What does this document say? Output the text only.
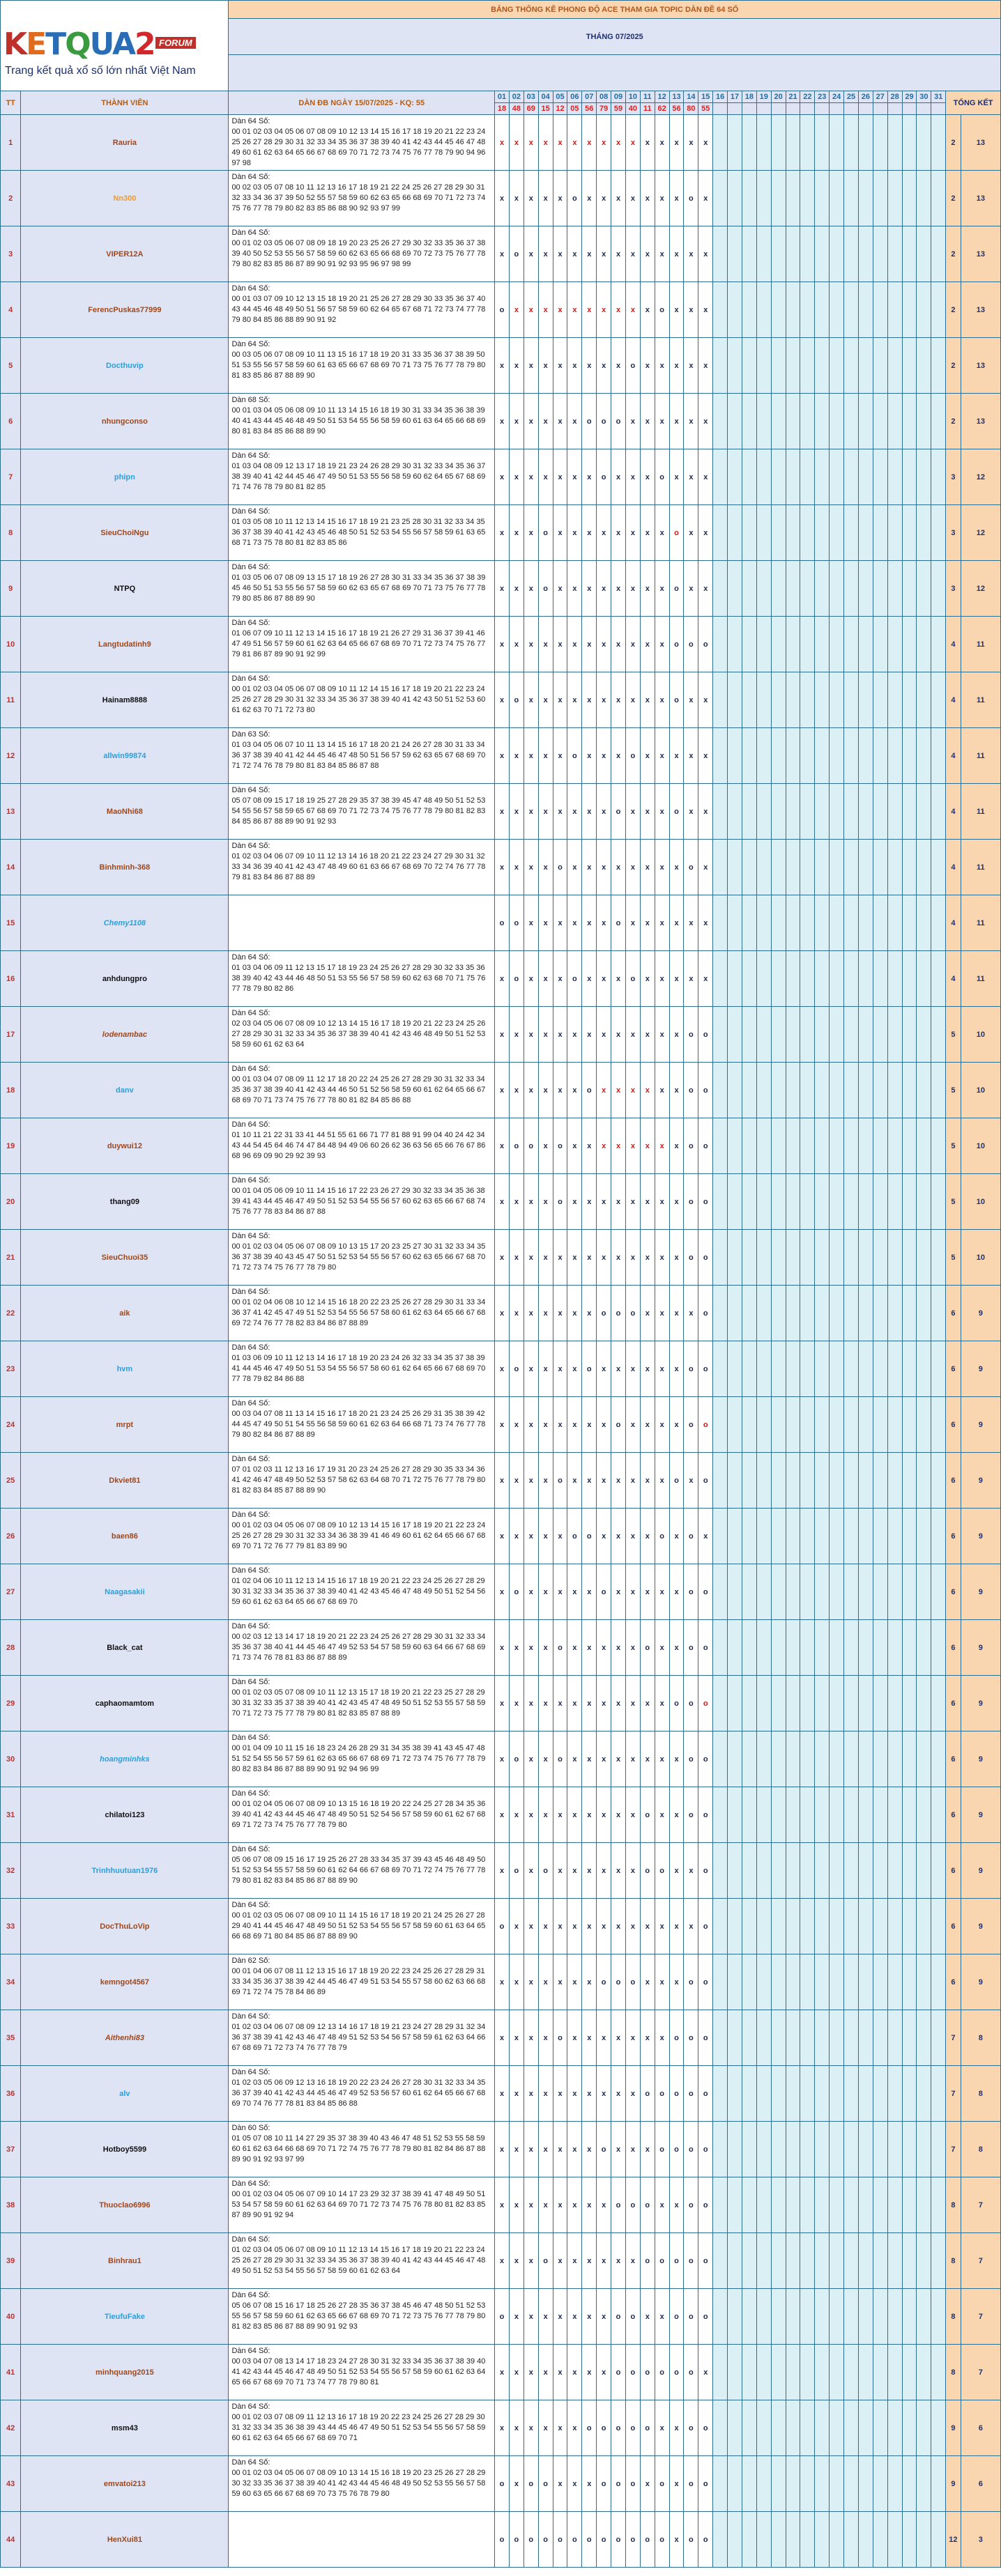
KETQUA2 FORUM
Trang kết quả xổ số lớn nhất Việt Nam		BẢNG THỐNG KÊ PHONG ĐỘ ACE THAM GIA TOPIC DÀN ĐỀ 64 SỐ																																	
		THÁNG 07/2025																																	

TT	THÀNH VIÊN	DÀN ĐB NGÀY 15/07/2025 - KQ: 55	01	02	03	04	05	06	07	08	09	10	11	12	13	14	15	16	17	18	19	20	21	22	23	24	25	26	27	28	29	30	31	TỔNG KẾT	
			18	48	69	15	12	05	56	79	59	40	11	62	56	80	55																		
1	Rauria	Dàn 64 Số:
00 01 02 03 04 05 06 07 08 09 10 12 13 14 15 16 17 18 19 20 21 22 23 24 25 26 27 28 29 30 31 32 33 34 35 36 37 38 39 40 41 42 43 44 45 46 47 48 49 60 61 62 63 64 65 66 67 68 69 70 71 72 73 74 75 76 77 78 79 90 94 96 97 98	x	x	x	x	x	x	x	x	x	x	x	x	x	x	x																	2	13
2	Nn300	Dàn 64 Số:
00 02 03 05 07 08 10 11 12 13 16 17 18 19 21 22 24 25 26 27 28 29 30 31 32 33 34 36 37 39 50 52 55 57 58 59 60 62 63 65 66 68 69 70 71 72 73 74 75 76 77 78 79 80 82 83 85 86 88 90 92 93 97 99	x	x	x	x	x	o	x	x	x	x	x	x	x	o	x																	2	13
3	VIPER12A	Dàn 64 Số:
00 01 02 03 05 06 07 08 09 18 19 20 23 25 26 27 29 30 32 33 35 36 37 38 39 40 50 52 53 55 56 57 58 59 60 62 63 65 66 68 69 70 72 73 75 76 77 78 79 80 82 83 85 86 87 89 90 91 92 93 95 96 97 98 99	x	o	x	x	x	x	x	x	x	x	x	x	x	x	x																	2	13
4	FerencPuskas77999	Dàn 64 Số:
00 01 03 07 09 10 12 13 15 18 19 20 21 25 26 27 28 29 30 33 35 36 37 40 43 44 45 46 48 49 50 51 56 57 58 59 60 62 64 65 67 68 71 72 73 74 77 78 79 80 84 85 86 88 89 90 91 92	o	x	x	x	x	x	x	x	x	x	x	o	x	x	x																	2	13
5	Docthuvip	Dàn 64 Số:
00 03 05 06 07 08 09 10 11 13 15 16 17 18 19 20 31 33 35 36 37 38 39 50 51 53 55 56 57 58 59 60 61 63 65 66 67 68 69 70 71 73 75 76 77 78 79 80 81 83 85 86 87 88 89 90	x	x	x	x	x	x	x	x	x	o	x	x	x	x	x																	2	13
6	nhungconso	Dàn 68 Số:
00 01 03 04 05 06 08 09 10 11 13 14 15 16 18 19 30 31 33 34 35 36 38 39 40 41 43 44 45 46 48 49 50 51 53 54 55 56 58 59 60 61 63 64 65 66 68 69 80 81 83 84 85 86 88 89 90	x	x	x	x	x	x	o	o	o	x	x	x	x	x	x																	2	13
7	phipn	Dàn 64 Số:
01 03 04 08 09 12 13 17 18 19 21 23 24 26 28 29 30 31 32 33 34 35 36 37 38 39 40 41 42 44 45 46 47 49 50 51 53 55 56 58 59 60 62 64 65 67 68 69 71 74 76 78 79 80 81 82 85	x	x	x	x	x	x	x	o	x	x	x	o	x	x	x																	3	12
8	SieuChoiNgu	Dàn 64 Số:
01 03 05 08 10 11 12 13 14 15 16 17 18 19 21 23 25 28 30 31 32 33 34 35 36 37 38 39 40 41 42 43 45 46 48 50 51 52 53 54 55 56 57 58 59 61 63 65 68 71 73 75 78 80 81 82 83 85 86	x	x	x	o	x	x	x	x	x	x	x	x	o	x	x																	3	12
9	NTPQ	Dàn 64 Số:
01 03 05 06 07 08 09 13 15 17 18 19 26 27 28 30 31 33 34 35 36 37 38 39 45 46 50 51 53 55 56 57 58 59 60 62 63 65 67 68 69 70 71 73 75 76 77 78 79 80 85 86 87 88 89 90	x	x	x	o	x	x	x	x	x	x	x	x	o	x	x																	3	12
10	Langtudatinh9	Dàn 64 Số:
01 06 07 09 10 11 12 13 14 15 16 17 18 19 21 26 27 29 31 36 37 39 41 46 47 49 51 56 57 59 60 61 62 63 64 65 66 67 68 69 70 71 72 73 74 75 76 77 79 81 86 87 89 90 91 92 99	x	x	x	x	x	x	x	x	x	x	x	x	o	o	o																	4	11
11	Hainam8888	Dàn 64 Số:
00 01 02 03 04 05 06 07 08 09 10 11 12 14 15 16 17 18 19 20 21 22 23 24 25 26 27 28 29 30 31 32 33 34 35 36 37 38 39 40 41 42 43 50 51 52 53 60 61 62 63 70 71 72 73 80	x	o	x	x	x	x	x	x	x	x	x	x	o	x	x																	4	11
12	allwin99874	Dàn 63 Số:
01 03 04 05 06 07 10 11 13 14 15 16 17 18 20 21 24 26 27 28 30 31 33 34 36 37 38 39 40 41 42 44 45 46 47 48 50 51 56 57 59 62 63 65 67 68 69 70 71 72 74 76 78 79 80 81 83 84 85 86 87 88	x	x	x	x	x	o	x	x	x	o	x	x	x	x	x																	4	11
13	MaoNhi68	Dàn 64 Số:
05 07 08 09 15 17 18 19 25 27 28 29 35 37 38 39 45 47 48 49 50 51 52 53 54 55 56 57 58 59 65 67 68 69 70 71 72 73 74 75 76 77 78 79 80 81 82 83 84 85 86 87 88 89 90 91 92 93	x	x	x	x	x	x	x	x	o	x	x	x	o	x	x																	4	11
14	Binhminh-368	Dàn 64 Số:
01 02 03 04 06 07 09 10 11 12 13 14 16 18 20 21 22 23 24 27 29 30 31 32 33 34 36 39 40 41 42 43 47 48 49 60 61 63 66 67 68 69 70 72 74 76 77 78 79 81 83 84 86 87 88 89	x	x	x	x	o	x	x	x	x	x	x	x	x	o	x																	4	11
15	Chemy1108		o	o	x	x	x	x	x	x	o	x	x	x	x	x	x																	4	11
16	anhdungpro	Dàn 64 Số:
01 03 04 06 09 11 12 13 15 17 18 19 23 24 25 26 27 28 29 30 32 33 35 36 38 39 40 42 43 44 46 48 50 51 53 55 56 57 58 59 60 62 63 68 70 71 75 76 77 78 79 80 82 86	x	o	x	x	x	o	x	x	x	o	x	x	x	x	x																	4	11
17	lodenambac	Dàn 64 Số:
02 03 04 05 06 07 08 09 10 12 13 14 15 16 17 18 19 20 21 22 23 24 25 26 27 28 29 30 31 32 33 34 35 36 37 38 39 40 41 42 43 46 48 49 50 51 52 53 58 59 60 61 62 63 64	x	x	x	x	x	x	x	x	x	x	x	x	x	o	o																	5	10
18	danv	Dàn 64 Số:
00 01 03 04 07 08 09 11 12 17 18 20 22 24 25 26 27 28 29 30 31 32 33 34 35 36 37 38 39 40 41 42 43 44 46 50 51 52 56 58 59 60 61 62 64 65 66 67 68 69 70 71 73 74 75 76 77 78 80 81 82 84 85 86 88	x	x	x	x	x	x	o	x	x	x	x	x	x	o	o																	5	10
19	duywui12	Dàn 64 Số:
01 10 11 21 22 31 33 41 44 51 55 61 66 71 77 81 88 91 99 04 40 24 42 34 43 44 54 45 64 46 74 47 84 48 94 49 06 60 26 62 36 63 56 65 66 76 67 86 68 96 69 09 90 29 92 39 93	x	o	o	x	o	x	x	x	x	x	x	x	x	o	o																	5	10
20	thang09	Dàn 64 Số:
00 01 04 05 06 09 10 11 14 15 16 17 22 23 26 27 29 30 32 33 34 35 36 38 39 41 43 44 45 46 47 49 50 51 52 53 54 55 56 57 60 62 63 65 66 67 68 74 75 76 77 78 83 84 86 87 88	x	x	x	x	o	x	x	x	x	x	x	x	x	o	o																	5	10
21	SieuChuoi35	Dàn 64 Số:
00 01 02 03 04 05 06 07 08 09 10 13 15 17 20 23 25 27 30 31 32 33 34 35 36 37 38 39 40 43 45 47 50 51 52 53 54 55 56 57 60 62 63 65 66 67 68 70 71 72 73 74 75 76 77 78 79 80	x	x	x	x	x	x	x	x	x	x	x	x	x	o	o																	5	10
22	aik	Dàn 64 Số:
00 01 02 04 06 08 10 12 14 15 16 18 20 22 23 25 26 27 28 29 30 31 33 34 36 37 41 42 45 47 49 51 52 53 54 55 56 57 58 60 61 62 63 64 65 66 67 68 69 72 74 76 77 78 82 83 84 86 87 88 89	x	x	x	x	x	x	x	o	o	o	x	x	x	x	o																	6	9
23	hvm	Dàn 64 Số:
01 03 06 09 10 11 12 13 14 16 17 18 19 20 23 24 26 32 33 34 35 37 38 39 41 44 45 46 47 49 50 51 53 54 55 56 57 58 60 61 62 64 65 66 67 68 69 70 77 78 79 82 84 86 88	x	o	x	x	x	x	o	x	x	x	x	x	x	o	o																	6	9
24	mrpt	Dàn 64 Số:
00 03 04 07 08 11 13 14 15 16 17 18 20 21 23 24 25 26 29 31 35 38 39 42 44 45 47 49 50 51 54 55 56 58 59 60 61 62 63 64 66 68 71 73 74 76 77 78 79 80 82 84 86 87 88 89	x	x	x	x	x	x	x	x	o	x	x	x	x	o	o																	6	9
25	Dkviet81	Dàn 64 Số:
07 01 02 03 11 12 13 16 17 19 31 20 23 24 25 26 27 28 29 30 35 33 34 36 41 42 46 47 48 49 50 52 53 57 58 62 63 64 68 70 71 72 75 76 77 78 79 80 81 82 83 84 85 87 88 89 90	x	x	x	x	o	x	x	x	x	x	x	x	o	x	o																	6	9
26	baen86	Dàn 64 Số:
00 01 02 03 04 05 06 07 08 09 10 12 13 14 15 16 17 18 19 20 21 22 23 24 25 26 27 28 29 30 31 32 33 34 36 38 39 41 46 49 60 61 62 64 65 66 67 68 69 70 71 72 76 77 79 81 83 89 90	x	x	x	x	x	o	o	x	x	x	x	o	x	o	x																	6	9
27	Naagasakii	Dàn 64 Số:
01 02 04 06 10 11 12 13 14 15 16 17 18 19 20 21 22 23 24 25 26 27 28 29 30 31 32 33 34 35 36 37 38 39 40 41 42 43 45 46 47 48 49 50 51 52 54 56 59 60 61 62 63 64 65 66 67 68 69 70	x	o	x	x	x	x	x	o	x	x	x	x	x	o	o																	6	9
28	Black_cat	Dàn 64 Số:
00 02 03 12 13 14 17 18 19 20 21 22 23 24 25 26 27 28 29 30 31 32 33 34 35 36 37 38 40 41 44 45 46 47 49 52 53 54 57 58 59 60 63 64 66 67 68 69 71 73 74 76 78 81 83 86 87 88 89	x	x	x	x	o	x	x	x	x	x	o	x	x	o	o																	6	9
29	caphaomamtom	Dàn 64 Số:
00 01 02 03 05 07 08 09 10 11 12 13 15 17 18 19 20 21 22 23 25 27 28 29 30 31 32 33 35 37 38 39 40 41 42 43 45 47 48 49 50 51 52 53 55 57 58 59 70 71 72 73 75 77 78 79 80 81 82 83 85 87 88 89	x	x	x	x	x	x	x	x	x	x	x	x	o	o	o																	6	9
30	hoangminhks	Dàn 64 Số:
00 01 04 09 10 11 15 16 18 23 24 26 28 29 31 34 35 38 39 41 43 45 47 48 51 52 54 55 56 57 59 61 62 63 65 66 67 68 69 71 72 73 74 75 76 77 78 79 80 82 83 84 86 87 88 89 90 91 92 94 96 99	x	o	x	x	o	x	x	x	x	x	x	x	x	o	o																	6	9
31	chilatoi123	Dàn 64 Số:
00 01 02 04 05 06 07 08 09 10 13 15 16 18 19 20 22 24 25 27 28 34 35 36 39 40 41 42 43 44 45 46 47 48 49 50 51 52 54 56 57 58 59 60 61 62 67 68 69 71 72 73 74 75 76 77 78 79 80	x	x	x	x	x	x	x	x	x	x	o	x	x	o	o																	6	9
32	Trinhhuutuan1976	Dàn 64 Số:
05 06 07 08 09 15 16 17 19 25 26 27 28 33 34 35 37 39 43 45 46 48 49 50 51 52 53 54 55 57 58 59 60 61 62 64 66 67 68 69 70 71 72 74 75 76 77 78 79 80 81 82 83 84 85 86 87 88 89 90	x	o	x	o	x	x	x	x	x	x	o	o	x	x	o																	6	9
33	DocThuLoVip	Dàn 64 Số:
00 01 02 03 05 06 07 08 09 10 11 14 15 16 17 18 19 20 21 24 25 26 27 28 29 40 41 44 45 46 47 48 49 50 51 52 53 54 55 56 57 58 59 60 61 63 64 65 66 68 69 71 80 84 85 86 87 88 89 90	o	x	x	x	x	x	x	x	x	x	x	x	x	x	o																	6	9
34	kemngot4567	Dàn 62 Số:
00 01 04 06 07 08 11 12 13 15 16 17 18 19 20 22 23 24 25 26 27 28 29 31 33 34 35 36 37 38 39 42 44 45 46 47 49 51 53 54 55 57 58 60 62 63 66 68 69 71 72 74 75 78 84 86 89	x	x	x	x	x	x	x	o	o	o	x	x	x	o	o																	6	9
35	Aithenhi83	Dàn 64 Số:
01 02 03 04 06 07 08 09 12 13 14 16 17 18 19 21 23 24 27 28 29 31 32 34 36 37 38 39 41 42 43 46 47 48 49 51 52 53 54 56 57 58 59 61 62 63 64 66 67 68 69 71 72 73 74 76 77 78 79	x	x	x	x	o	x	x	x	x	x	x	x	o	o	o																	7	8
36	alv	Dàn 64 Số:
01 02 03 05 06 09 12 13 16 18 19 20 22 23 24 26 27 28 30 31 32 33 34 35 36 37 39 40 41 42 43 44 45 46 47 49 52 53 56 57 60 61 62 64 65 66 67 68 69 70 74 76 77 78 81 83 84 85 86 88	x	x	x	x	x	x	x	x	x	x	o	o	o	o	o																	7	8
37	Hotboy5599	Dàn 60 Số:
01 05 07 08 10 11 14 27 29 35 37 38 39 40 43 46 47 48 51 52 53 55 58 59 60 61 62 63 64 66 68 69 70 71 72 74 75 76 77 78 79 80 81 82 84 86 87 88 89 90 91 92 93 97 99	x	x	x	x	x	x	x	o	x	x	x	o	o	o	o																	7	8
38	Thuoclao6996	Dàn 64 Số:
00 01 02 03 04 05 06 07 09 10 14 17 23 29 32 37 38 39 41 47 48 49 50 51 53 54 57 58 59 60 61 62 63 64 69 70 71 72 73 74 75 76 78 80 81 82 83 85 87 89 90 91 92 94	x	x	x	x	x	x	x	x	o	o	o	x	x	o	o																	8	7
39	Binhrau1	Dàn 64 Số:
01 02 03 04 05 06 07 08 09 10 11 12 13 14 15 16 17 18 19 20 21 22 23 24 25 26 27 28 29 30 31 32 33 34 35 36 37 38 39 40 41 42 43 44 45 46 47 48 49 50 51 52 53 54 55 56 57 58 59 60 61 62 63 64	x	x	x	o	x	x	x	x	x	x	o	o	o	o	o																	8	7
40	TieufuFake	Dàn 64 Số:
05 06 07 08 15 16 17 18 25 26 27 28 35 36 37 38 45 46 47 48 50 51 52 53 55 56 57 58 59 60 61 62 63 65 66 67 68 69 70 71 72 73 75 76 77 78 79 80 81 82 83 85 86 87 88 89 90 91 92 93	o	x	x	x	x	x	x	x	o	o	x	x	o	o	o																	8	7
41	minhquang2015	Dàn 64 Số:
00 03 04 07 08 13 14 17 18 23 24 27 28 30 31 32 33 34 35 36 37 38 39 40 41 42 43 44 45 46 47 48 49 50 51 52 53 54 55 56 57 58 59 60 61 62 63 64 65 66 67 68 69 70 71 73 74 77 78 79 80 81	x	x	x	x	x	x	x	x	o	o	o	o	o	o	x																	8	7
42	msm43	Dàn 64 Số:
00 01 02 03 07 08 09 11 12 13 16 17 18 19 20 22 23 24 25 26 27 28 29 30 31 32 33 34 35 36 38 39 43 44 45 46 47 49 50 51 52 53 54 55 56 57 58 59 60 61 62 63 64 65 66 67 68 69 70 71	x	x	x	x	x	x	o	o	o	o	o	x	x	o	o																	9	6
43	emvatoi213	Dàn 64 Số:
00 01 02 03 04 05 06 07 08 09 10 13 14 15 16 18 19 20 23 25 26 27 28 29 30 32 33 35 36 37 38 39 40 41 42 43 44 45 46 48 49 50 52 53 55 56 57 58 59 60 63 65 66 67 68 69 70 73 75 76 78 79 80	o	x	o	o	x	x	x	o	o	o	x	o	x	o	o																	9	6
44	HenXui81		o	o	o	o	o	o	o	o	o	o	o	o	x	o	o																	12	3
